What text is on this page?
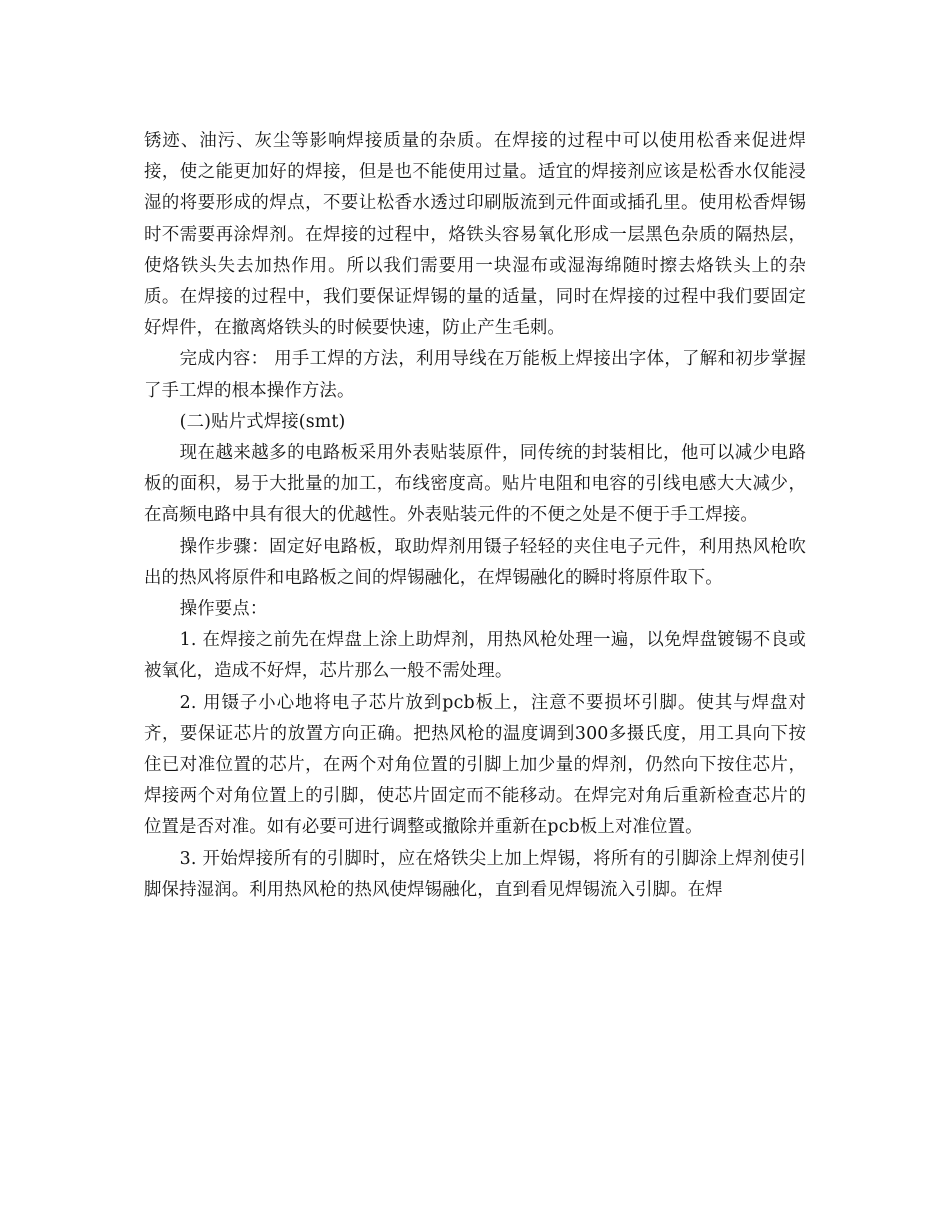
锈迹、油污、灰尘等影响焊接质量的杂质。在焊接的过程中可以使用松香来促进焊接，使之能更加好的焊接，但是也不能使用过量。适宜的焊接剂应该是松香水仅能浸湿的将要形成的焊点，不要让松香水透过印刷版流到元件面或插孔里。使用松香焊锡时不需要再涂焊剂。在焊接的过程中，烙铁头容易氧化形成一层黑色杂质的隔热层，使烙铁头失去加热作用。所以我们需要用一块湿布或湿海绵随时擦去烙铁头上的杂质。在焊接的过程中，我们要保证焊锡的量的适量，同时在焊接的过程中我们要固定好焊件，在撤离烙铁头的时候要快速，防止产生毛刺。

完成内容： 用手工焊的方法，利用导线在万能板上焊接出字体，了解和初步掌握了手工焊的根本操作方法。

(二)贴片式焊接(smt)

现在越来越多的电路板采用外表贴装原件，同传统的封装相比，他可以减少电路板的面积，易于大批量的加工，布线密度高。贴片电阻和电容的引线电感大大减少，在高频电路中具有很大的优越性。外表贴装元件的不便之处是不便于手工焊接。

操作步骤：固定好电路板，取助焊剂用镊子轻轻的夹住电子元件，利用热风枪吹出的热风将原件和电路板之间的焊锡融化，在焊锡融化的瞬时将原件取下。

操作要点：

1. 在焊接之前先在焊盘上涂上助焊剂，用热风枪处理一遍，以免焊盘镀锡不良或被氧化，造成不好焊，芯片那么一般不需处理。

2. 用镊子小心地将电子芯片放到pcb板上，注意不要损坏引脚。使其与焊盘对齐，要保证芯片的放置方向正确。把热风枪的温度调到300多摄氏度，用工具向下按住已对准位置的芯片，在两个对角位置的引脚上加少量的焊剂，仍然向下按住芯片，焊接两个对角位置上的引脚，使芯片固定而不能移动。在焊完对角后重新检查芯片的位置是否对准。如有必要可进行调整或撤除并重新在pcb板上对准位置。

3. 开始焊接所有的引脚时，应在烙铁尖上加上焊锡，将所有的引脚涂上焊剂使引脚保持湿润。利用热风枪的热风使焊锡融化，直到看见焊锡流入引脚。在焊
